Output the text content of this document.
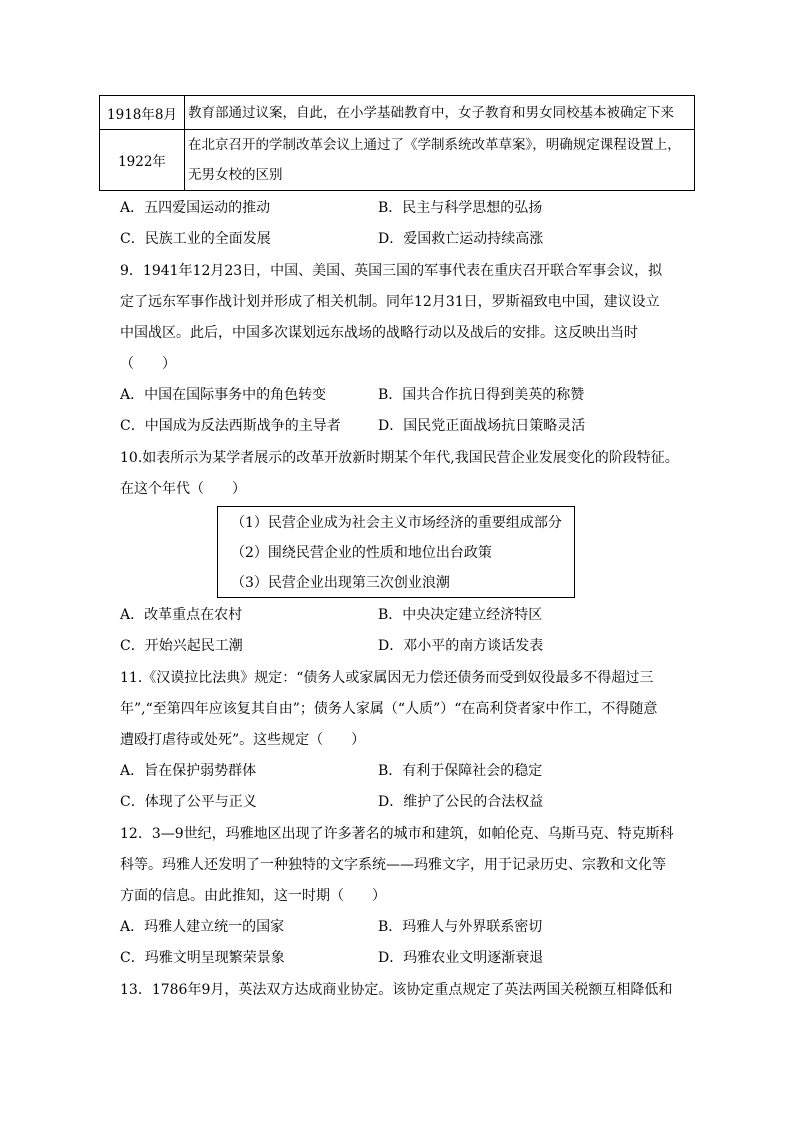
1918年8月	教育部通过议案，自此，在小学基础教育中，女子教育和男女同校基本被确定下来
1922年	在北京召开的学制改革会议上通过了《学制系统改革草案》，明确规定课程设置上，无男女校的区别
A．五四爱国运动的推动	B．民主与科学思想的弘扬
C．民族工业的全面发展	D．爱国救亡运动持续高涨
9．1941年12月23日，中国、美国、英国三国的军事代表在重庆召开联合军事会议，拟
定了远东军事作战计划并形成了相关机制。同年12月31日，罗斯福致电中国，建议设立
中国战区。此后，中国多次谋划远东战场的战略行动以及战后的安排。这反映出当时
（　　）
A．中国在国际事务中的角色转变	B．国共合作抗日得到美英的称赞
C．中国成为反法西斯战争的主导者	D．国民党正面战场抗日策略灵活
10.如表所示为某学者展示的改革开放新时期某个年代,我国民营企业发展变化的阶段特征。
在这个年代（　　）
（1）民营企业成为社会主义市场经济的重要组成部分
（2）围绕民营企业的性质和地位出台政策
（3）民营企业出现第三次创业浪潮
A．改革重点在农村	B．中央决定建立经济特区
C．开始兴起民工潮	D．邓小平的南方谈话发表
11.《汉谟拉比法典》规定：“债务人或家属因无力偿还债务而受到奴役最多不得超过三
年”,“至第四年应该复其自由”；债务人家属（“人质”）“在高利贷者家中作工，不得随意
遭殴打虐待或处死”。这些规定（　　）
A．旨在保护弱势群体	B．有利于保障社会的稳定
C．体现了公平与正义	D．维护了公民的合法权益
12．3—9世纪，玛雅地区出现了许多著名的城市和建筑，如帕伦克、乌斯马克、特克斯科
科等。玛雅人还发明了一种独特的文字系统——玛雅文字，用于记录历史、宗教和文化等
方面的信息。由此推知，这一时期（　　）
A．玛雅人建立统一的国家	B．玛雅人与外界联系密切
C．玛雅文明呈现繁荣景象	D．玛雅农业文明逐渐衰退
13．1786年9月，英法双方达成商业协定。该协定重点规定了英法两国关税额互相降低和
